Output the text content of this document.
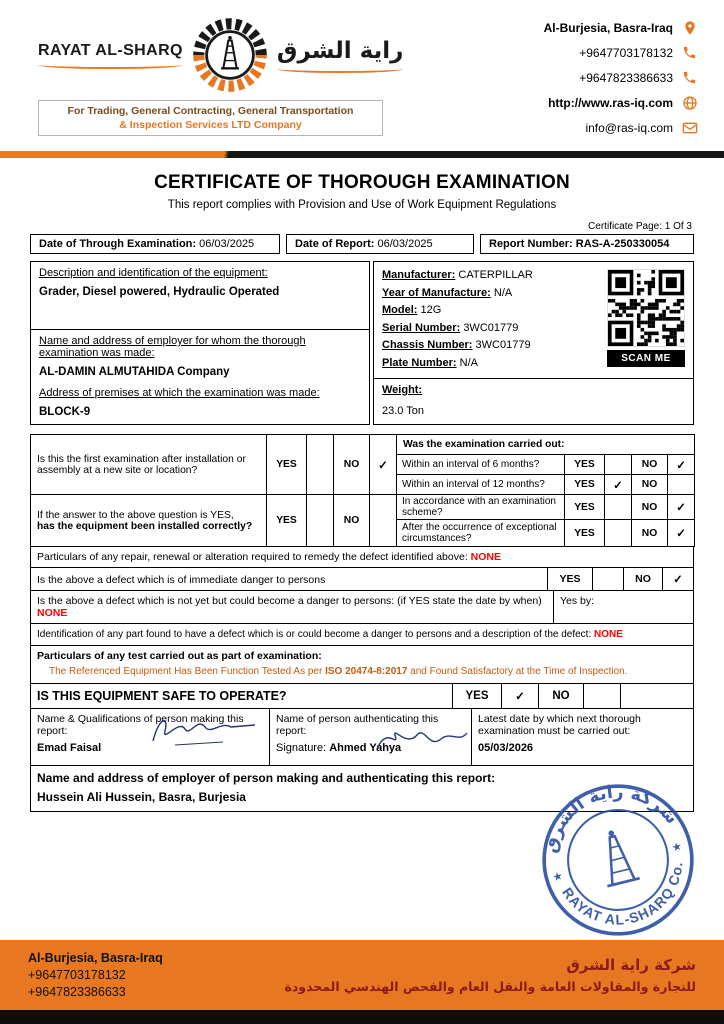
RAYAT AL-SHARQ	راية الشرق
For Trading, General Contracting, General Transportation
& Inspection Services LTD Company
Al-Burjesia, Basra-Iraq
+9647703178132
+9647823386633
http://www.ras-iq.com
info@ras-iq.com
CERTIFICATE OF THOROUGH EXAMINATION
This report complies with Provision and Use of Work Equipment Regulations
Certificate Page: 1 Of 3
Date of Through Examination: 06/03/2025	Date of Report: 06/03/2025	Report Number: RAS-A-250330054
Description and identification of the equipment:
Grader, Diesel powered, Hydraulic Operated
Name and address of employer for whom the thorough examination was made:
AL-DAMIN ALMUTAHIDA Company
Address of premises at which the examination was made:
BLOCK-9
Manufacturer: CATERPILLAR
Year of Manufacture: N/A
Model: 12G
Serial Number: 3WC01779
Chassis Number: 3WC01779
Plate Number: N/A
Weight:
23.0 Ton
SCAN ME
Is this the first examination after installation or assembly at a new site or location?	YES		NO	✓	Was the examination carried out:				
					Within an interval of 6 months?	YES		NO	✓
					Within an interval of 12 months?	YES	✓	NO	

If the answer to the above question is YES,
has the equipment been installed correctly?	YES		NO		In accordance with an examination scheme?	YES		NO	✓
					After the occurrence of exceptional circumstances?	YES		NO	✓
Particulars of any repair, renewal or alteration required to remedy the defect identified above: NONE
Is the above a defect which is of immediate danger to persons	YES	NO	✓
Is the above a defect which is not yet but could become a danger to persons: (if YES state the date by when) NONE
Yes by:
Identification of any part found to have a defect which is or could become a danger to persons and a description of the defect: NONE
Particulars of any test carried out as part of examination:
The Referenced Equipment Has Been Function Tested As per ISO 20474-8:2017 and Found Satisfactory at the Time of Inspection.
IS THIS EQUIPMENT SAFE TO OPERATE?	YES	✓	NO
Name & Qualifications of person making this report:
Emad Faisal
Name of person authenticating this report:
Signature: Ahmed Yahya
Latest date by which next thorough examination must be carried out:
05/03/2026
Name and address of employer of person making and authenticating this report:
Hussein Ali Hussein, Basra, Burjesia
شركة راية الشرق
RAYAT AL-SHARQ Co.
★
★
Al-Burjesia, Basra-Iraq
+9647703178132
+9647823386633
شركة راية الشرق
للتجارة والمقاولات العامة والنقل العام والفحص الهندسي المحدودة
